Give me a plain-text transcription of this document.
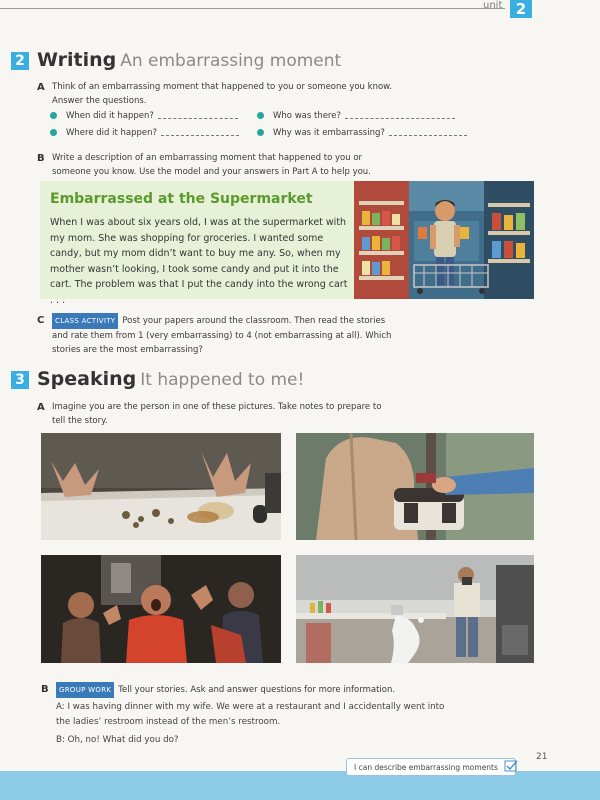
unit 2
2 Writing An embarrassing moment
A Think of an embarrassing moment that happened to you or someone you know. Answer the questions.
When did it happen?	Who was there?
Where did it happen?	Why was it embarrassing?
B Write a description of an embarrassing moment that happened to you or someone you know. Use the model and your answers in Part A to help you.
Embarrassed at the Supermarket
When I was about six years old, I was at the supermarket with my mom. She was shopping for groceries. I wanted some candy, but my mom didn’t want to buy me any. So, when my mother wasn’t looking, I took some candy and put it into the cart. The problem was that I put the candy into the wrong cart . . .
C	CLASS ACTIVITY Post your papers around the classroom. Then read the stories and rate them from 1 (very embarrassing) to 4 (not embarrassing at all). Which stories are the most embarrassing?
3 Speaking It happened to me!
A Imagine you are the person in one of these pictures. Take notes to prepare to tell the story.
B	GROUP WORK Tell your stories. Ask and answer questions for more information.
A: I was having dinner with my wife. We were at a restaurant and I accidentally went into the ladies’ restroom instead of the men’s restroom.
B: Oh, no! What did you do?
21
I can describe embarrassing moments
